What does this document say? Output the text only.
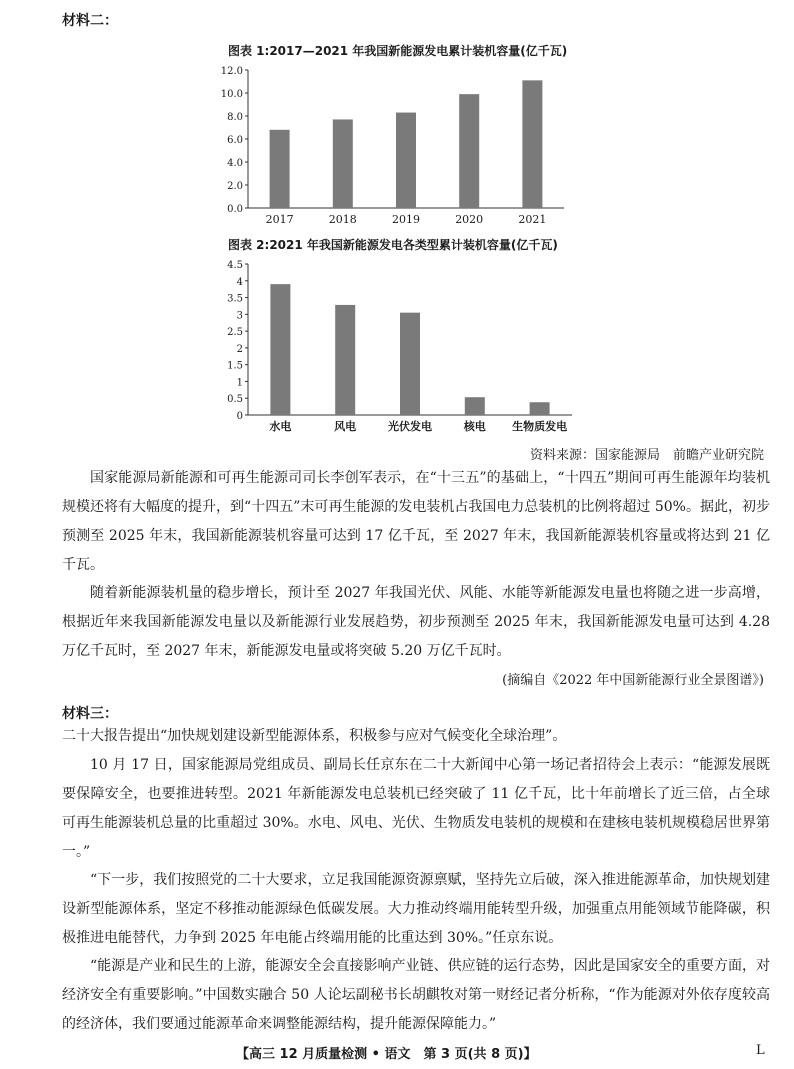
材料二：
图表 1:2017—2021 年我国新能源发电累计装机容量(亿千瓦)
0.0
2.0
4.0
6.0
8.0
10.0
12.0
2017	2018	2019	2020	2021
图表 2:2021 年我国新能源发电各类型累计装机容量(亿千瓦)
0
0.5
1
1.5
2
2.5
3
3.5
4
4.5
水电	风电	光伏发电	核电 生物质发电
资料来源：国家能源局　前瞻产业研究院
国家能源局新能源和可再生能源司司长李创军表示，在“十三五”的基础上，“十四五”期间可再生能源年均装机规模还将有大幅度的提升，到“十四五”末可再生能源的发电装机占我国电力总装机的比例将超过 50%。据此，初步预测至 2025 年末，我国新能源装机容量可达到 17 亿千瓦，至 2027 年末，我国新能源装机容量或将达到 21 亿千瓦。
随着新能源装机量的稳步增长，预计至 2027 年我国光伏、风能、水能等新能源发电量也将随之进一步高增，根据近年来我国新能源发电量以及新能源行业发展趋势，初步预测至 2025 年末，我国新能源发电量可达到 4.28 万亿千瓦时，至 2027 年末，新能源发电量或将突破 5.20 万亿千瓦时。
(摘编自《2022 年中国新能源行业全景图谱》)
材料三：
二十大报告提出“加快规划建设新型能源体系，积极参与应对气候变化全球治理”。
10 月 17 日，国家能源局党组成员、副局长任京东在二十大新闻中心第一场记者招待会上表示：“能源发展既要保障安全，也要推进转型。2021 年新能源发电总装机已经突破了 11 亿千瓦，比十年前增长了近三倍，占全球可再生能源装机总量的比重超过 30%。水电、风电、光伏、生物质发电装机的规模和在建核电装机规模稳居世界第一。”
“下一步，我们按照党的二十大要求，立足我国能源资源禀赋，坚持先立后破，深入推进能源革命，加快规划建设新型能源体系，坚定不移推动能源绿色低碳发展。大力推动终端用能转型升级，加强重点用能领域节能降碳，积极推进电能替代，力争到 2025 年电能占终端用能的比重达到 30%。”任京东说。
“能源是产业和民生的上游，能源安全会直接影响产业链、供应链的运行态势，因此是国家安全的重要方面，对经济安全有重要影响。”中国数实融合 50 人论坛副秘书长胡麒牧对第一财经记者分析称，“作为能源对外依存度较高的经济体，我们要通过能源革命来调整能源结构，提升能源保障能力。”
【高三 12 月质量检测 • 语文　第 3 页(共 8 页)】	L
